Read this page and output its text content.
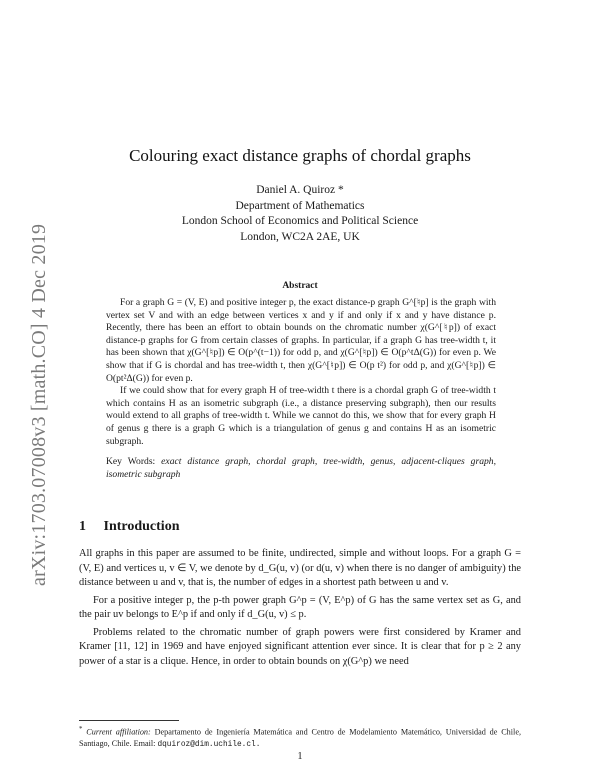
arXiv:1703.07008v3 [math.CO] 4 Dec 2019
Colouring exact distance graphs of chordal graphs
Daniel A. Quiroz *
Department of Mathematics
London School of Economics and Political Science
London, WC2A 2AE, UK
Abstract

For a graph G = (V, E) and positive integer p, the exact distance-p graph G^[♮p] is the graph with vertex set V and with an edge between vertices x and y if and only if x and y have distance p. Recently, there has been an effort to obtain bounds on the chromatic number χ(G^[♮p]) of exact distance-p graphs for G from certain classes of graphs. In particular, if a graph G has tree-width t, it has been shown that χ(G^[♮p]) ∈ O(p^(t−1)) for odd p, and χ(G^[♮p]) ∈ O(p^tΔ(G)) for even p. We show that if G is chordal and has tree-width t, then χ(G^[♮p]) ∈ O(p t²) for odd p, and χ(G^[♮p]) ∈ O(pt²Δ(G)) for even p.

If we could show that for every graph H of tree-width t there is a chordal graph G of tree-width t which contains H as an isometric subgraph (i.e., a distance preserving subgraph), then our results would extend to all graphs of tree-width t. While we cannot do this, we show that for every graph H of genus g there is a graph G which is a triangulation of genus g and contains H as an isometric subgraph.

Key Words: exact distance graph, chordal graph, tree-width, genus, adjacent-cliques graph, isometric subgraph

1 Introduction

All graphs in this paper are assumed to be finite, undirected, simple and without loops. For a graph G = (V, E) and vertices u, v ∈ V, we denote by d_G(u, v) (or d(u, v) when there is no danger of ambiguity) the distance between u and v, that is, the number of edges in a shortest path between u and v.

For a positive integer p, the p-th power graph G^p = (V, E^p) of G has the same vertex set as G, and the pair uv belongs to E^p if and only if d_G(u, v) ≤ p.

Problems related to the chromatic number of graph powers were first considered by Kramer and Kramer [11, 12] in 1969 and have enjoyed significant attention ever since. It is clear that for p ≥ 2 any power of a star is a clique. Hence, in order to obtain bounds on χ(G^p) we need

* Current affiliation: Departamento de Ingeniería Matemática and Centro de Modelamiento Matemático, Universidad de Chile, Santiago, Chile. Email: dquiroz@dim.uchile.cl.
1
